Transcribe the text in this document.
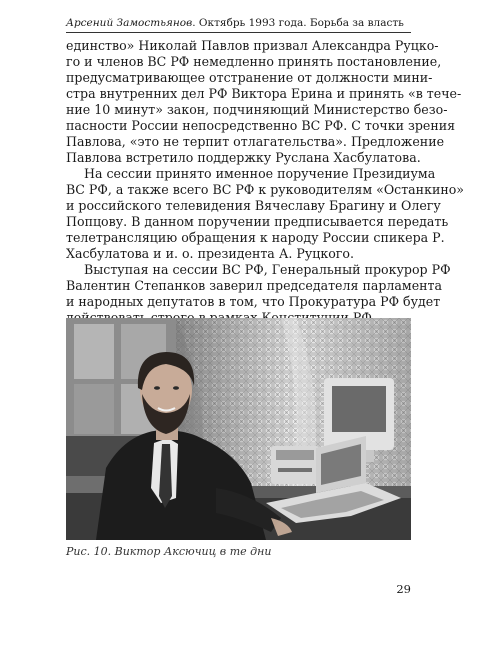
Арсений Замостьянов. Октябрь 1993 года. Борьба за власть
единство» Николай Павлов призвал Александра Руцко-
го и членов ВС РФ немедленно принять постановление,
предусматривающее отстранение от должности мини-
стра внутренних дел РФ Виктора Ерина и принять «в тече-
ние 10 минут» закон, подчиняющий Министерство безо-
пасности России непосредственно ВС РФ. С точки зрения
Павлова, «это не терпит отлагательства». Предложение
Павлова встретило поддержку Руслана Хасбулатова.
На сессии принято именное поручение Президиума
ВС РФ, а также всего ВС РФ к руководителям «Останкино»
и российского телевидения Вячеславу Брагину и Олегу
Попцову. В данном поручении предписывается передать
телетрансляцию обращения к народу России спикера Р.
Хасбулатова и и. о. президента А. Руцкого.
Выступая на сессии ВС РФ, Генеральный прокурор РФ
Валентин Степанков заверил председателя парламента
и народных депутатов в том, что Прокуратура РФ будет
Рис. 10. Виктор Аксючиц в те дни
29
